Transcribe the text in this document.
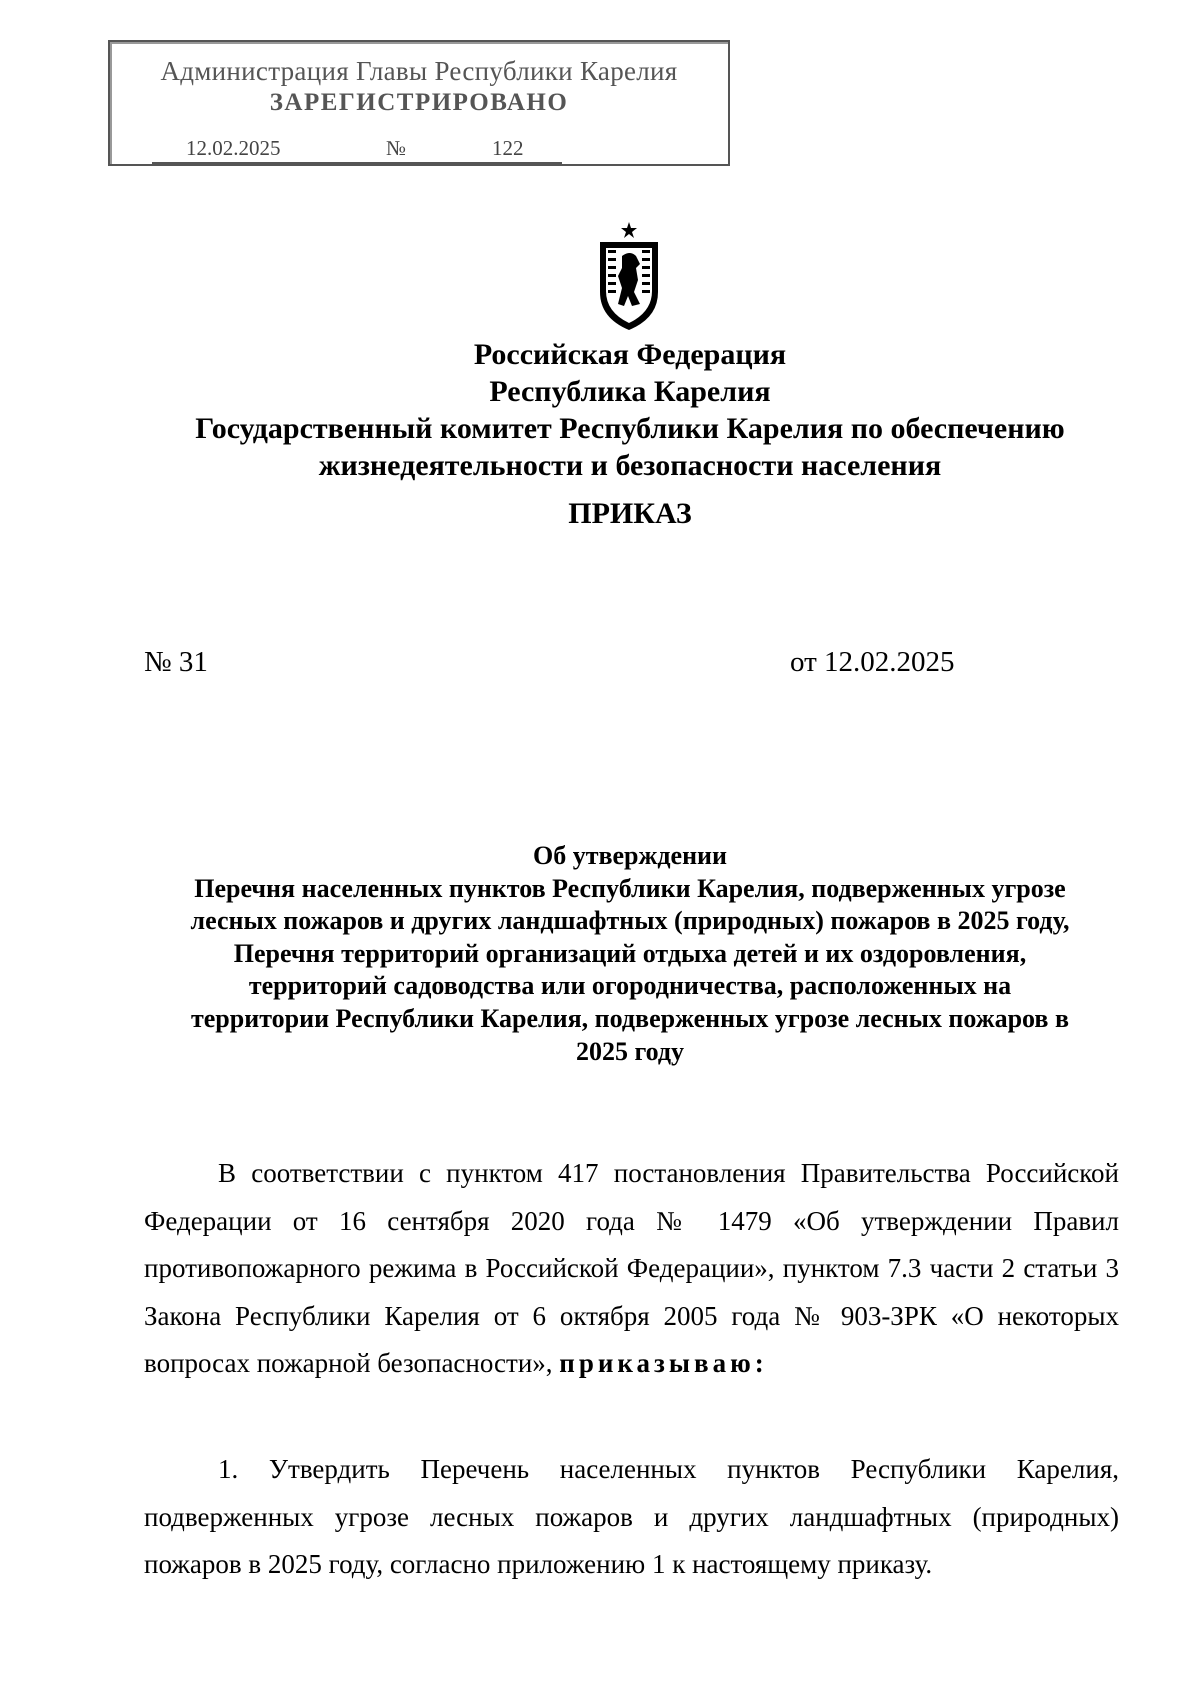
Администрация Главы Республики Карелия
ЗАРЕГИСТРИРОВАНО
12.02.2025	№	122
Российская Федерация
Республика Карелия
Государственный комитет Республики Карелия по обеспечению
жизнедеятельности и безопасности населения
ПРИКАЗ
№ 31	от 12.02.2025
Об утверждении
Перечня населенных пунктов Республики Карелия, подверженных угрозе
лесных пожаров и других ландшафтных (природных) пожаров в 2025 году,
Перечня территорий организаций отдыха детей и их оздоровления,
территорий садоводства или огородничества, расположенных на
территории Республики Карелия, подверженных угрозе лесных пожаров в
2025 году
В соответствии с пунктом 417 постановления Правительства Российской Федерации от 16 сентября 2020 года № 1479 «Об утверждении Правил противопожарного режима в Российской Федерации», пунктом 7.3 части 2 статьи 3 Закона Республики Карелия от 6 октября 2005 года № 903-ЗРК «О некоторых вопросах пожарной безопасности», приказываю:
1. Утвердить Перечень населенных пунктов Республики Карелия, подверженных угрозе лесных пожаров и других ландшафтных (природных) пожаров в 2025 году, согласно приложению 1 к настоящему приказу.
